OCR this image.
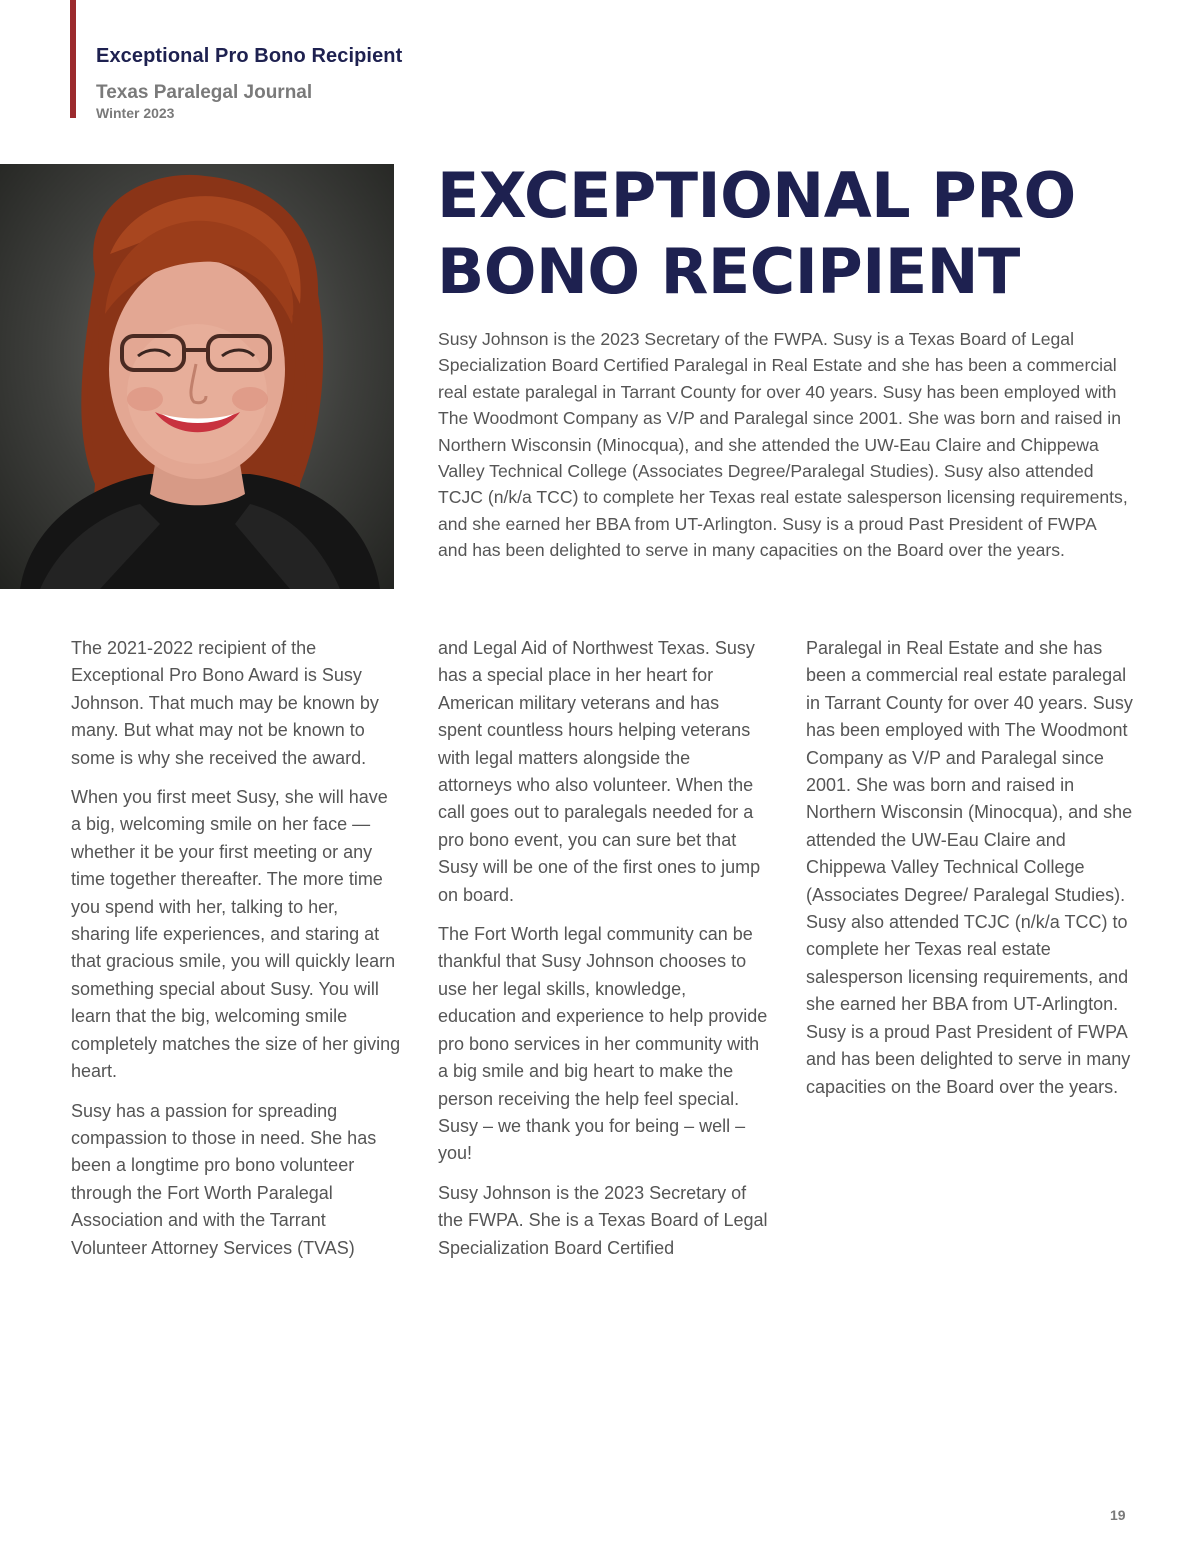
Exceptional Pro Bono Recipient
Texas Paralegal Journal
Winter 2023
EXCEPTIONAL PRO BONO RECIPIENT

Susy Johnson is the 2023 Secretary of the FWPA. Susy is a Texas Board of Legal Specialization Board Certified Paralegal in Real Estate and she has been a commercial real estate paralegal in Tarrant County for over 40 years. Susy has been employed with The Woodmont Company as V/P and Paralegal since 2001. She was born and raised in Northern Wisconsin (Minocqua), and she attended the UW-Eau Claire and Chippewa Valley Technical College (Associates Degree/Paralegal Studies). Susy also attended TCJC (n/k/a TCC) to complete her Texas real estate salesperson licensing requirements, and she earned her BBA from UT-Arlington. Susy is a proud Past President of FWPA and has been delighted to serve in many capacities on the Board over the years.

The 2021-2022 recipient of the Exceptional Pro Bono Award is Susy Johnson. That much may be known by many. But what may not be known to some is why she received the award.

When you first meet Susy, she will have a big, welcoming smile on her face — whether it be your first meeting or any time together thereafter. The more time you spend with her, talking to her, sharing life experiences, and staring at that gracious smile, you will quickly learn something special about Susy. You will learn that the big, welcoming smile completely matches the size of her giving heart.

Susy has a passion for spreading compassion to those in need. She has been a longtime pro bono volunteer through the Fort Worth Paralegal Association and with the Tarrant Volunteer Attorney Services (TVAS)

and Legal Aid of Northwest Texas. Susy has a special place in her heart for American military veterans and has spent countless hours helping veterans with legal matters alongside the attorneys who also volunteer. When the call goes out to paralegals needed for a pro bono event, you can sure bet that Susy will be one of the first ones to jump on board.

The Fort Worth legal community can be thankful that Susy Johnson chooses to use her legal skills, knowledge, education and experience to help provide pro bono services in her community with a big smile and big heart to make the person receiving the help feel special. Susy – we thank you for being – well – you!

Susy Johnson is the 2023 Secretary of the FWPA. She is a Texas Board of Legal Specialization Board Certified

Paralegal in Real Estate and she has been a commercial real estate paralegal in Tarrant County for over 40 years. Susy has been employed with The Woodmont Company as V/P and Paralegal since 2001. She was born and raised in Northern Wisconsin (Minocqua), and she attended the UW-Eau Claire and Chippewa Valley Technical College (Associates Degree/ Paralegal Studies). Susy also attended TCJC (n/k/a TCC) to complete her Texas real estate salesperson licensing requirements, and she earned her BBA from UT-Arlington. Susy is a proud Past President of FWPA and has been delighted to serve in many capacities on the Board over the years.

19
